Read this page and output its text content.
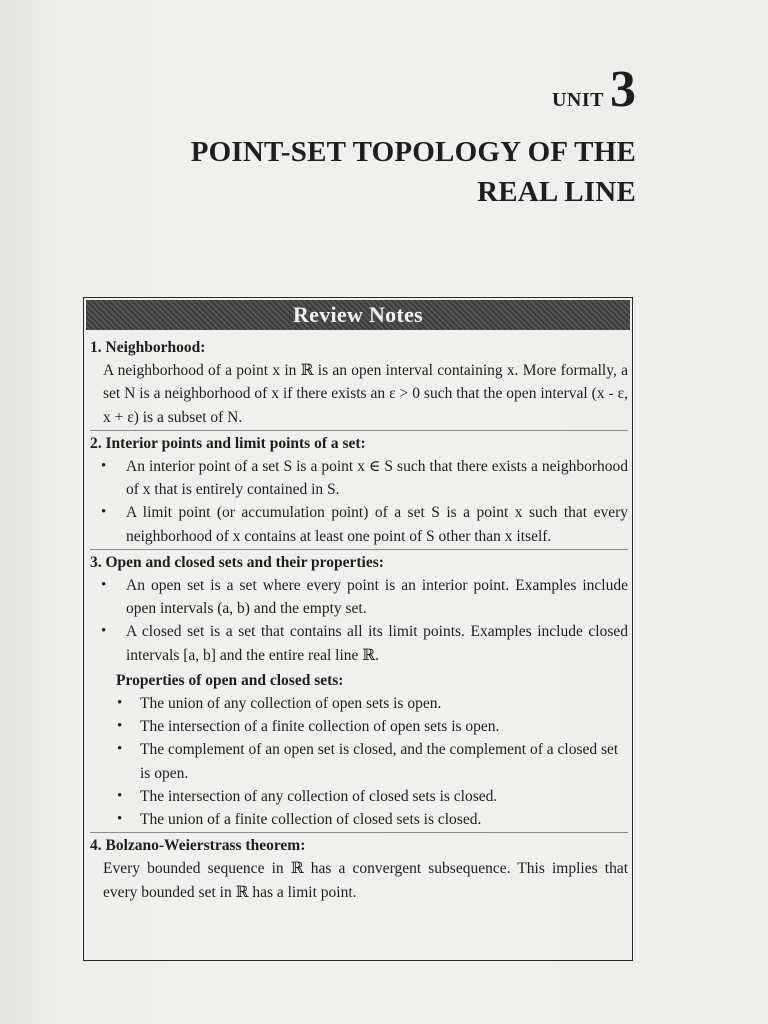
UNIT 3
POINT-SET TOPOLOGY OF THE
REAL LINE
Review Notes
1. Neighborhood:
A neighborhood of a point x in ℝ is an open interval containing x. More formally, a set N is a neighborhood of x if there exists an ε > 0 such that the open interval (x - ε, x + ε) is a subset of N.
2. Interior points and limit points of a set:
• An interior point of a set S is a point x ∈ S such that there exists a neighborhood of x that is entirely contained in S.
• A limit point (or accumulation point) of a set S is a point x such that every neighborhood of x contains at least one point of S other than x itself.
3. Open and closed sets and their properties:
• An open set is a set where every point is an interior point. Examples include open intervals (a, b) and the empty set.
• A closed set is a set that contains all its limit points. Examples include closed intervals [a, b] and the entire real line ℝ.
Properties of open and closed sets:
• The union of any collection of open sets is open.
• The intersection of a finite collection of open sets is open.
• The complement of an open set is closed, and the complement of a closed set is open.
• The intersection of any collection of closed sets is closed.
• The union of a finite collection of closed sets is closed.
4. Bolzano-Weierstrass theorem:
Every bounded sequence in ℝ has a convergent subsequence. This implies that every bounded set in ℝ has a limit point.
